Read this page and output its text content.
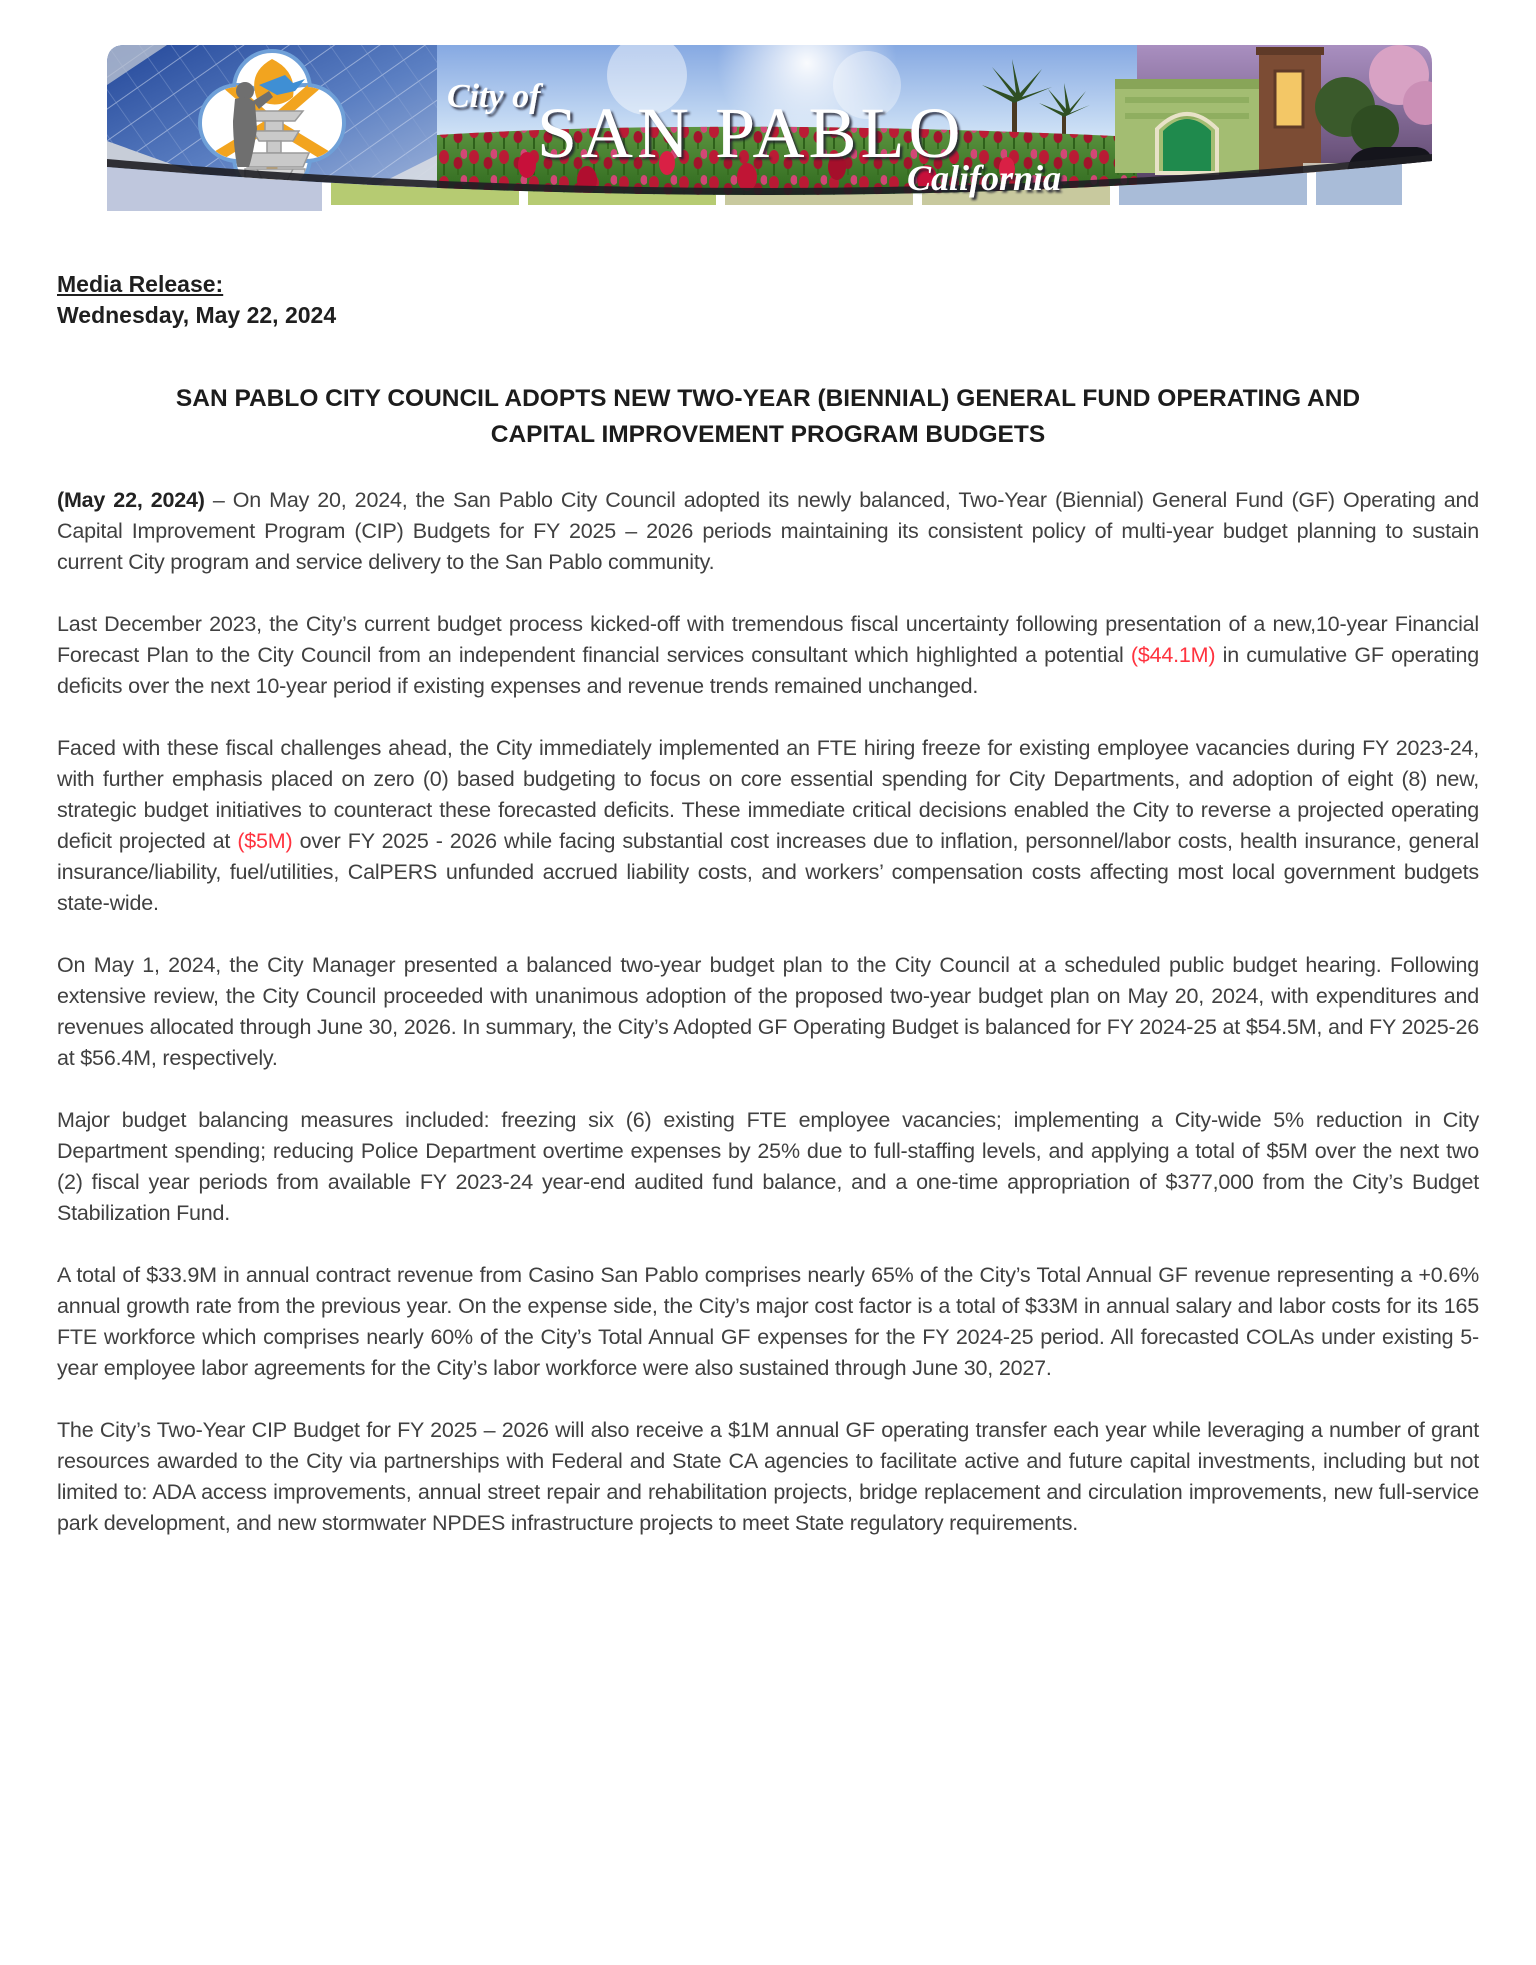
City of
SAN PABLO
California
Media Release:
Wednesday, May 22, 2024
SAN PABLO CITY COUNCIL ADOPTS NEW TWO-YEAR (BIENNIAL) GENERAL FUND OPERATING AND CAPITAL IMPROVEMENT PROGRAM BUDGETS

(May 22, 2024) – On May 20, 2024, the San Pablo City Council adopted its newly balanced, Two-Year (Biennial) General Fund (GF) Operating and Capital Improvement Program (CIP) Budgets for FY 2025 – 2026 periods maintaining its consistent policy of multi-year budget planning to sustain current City program and service delivery to the San Pablo community.

Last December 2023, the City’s current budget process kicked-off with tremendous fiscal uncertainty following presentation of a new,10-year Financial Forecast Plan to the City Council from an independent financial services consultant which highlighted a potential ($44.1M) in cumulative GF operating deficits over the next 10-year period if existing expenses and revenue trends remained unchanged.

Faced with these fiscal challenges ahead, the City immediately implemented an FTE hiring freeze for existing employee vacancies during FY 2023-24, with further emphasis placed on zero (0) based budgeting to focus on core essential spending for City Departments, and adoption of eight (8) new, strategic budget initiatives to counteract these forecasted deficits. These immediate critical decisions enabled the City to reverse a projected operating deficit projected at ($5M) over FY 2025 - 2026 while facing substantial cost increases due to inflation, personnel/labor costs, health insurance, general insurance/liability, fuel/utilities, CalPERS unfunded accrued liability costs, and workers’ compensation costs affecting most local government budgets state-wide.

On May 1, 2024, the City Manager presented a balanced two-year budget plan to the City Council at a scheduled public budget hearing. Following extensive review, the City Council proceeded with unanimous adoption of the proposed two-year budget plan on May 20, 2024, with expenditures and revenues allocated through June 30, 2026. In summary, the City’s Adopted GF Operating Budget is balanced for FY 2024-25 at $54.5M, and FY 2025-26 at $56.4M, respectively.

Major budget balancing measures included: freezing six (6) existing FTE employee vacancies; implementing a City-wide 5% reduction in City Department spending; reducing Police Department overtime expenses by 25% due to full-staffing levels, and applying a total of $5M over the next two (2) fiscal year periods from available FY 2023-24 year-end audited fund balance, and a one-time appropriation of $377,000 from the City’s Budget Stabilization Fund.

A total of $33.9M in annual contract revenue from Casino San Pablo comprises nearly 65% of the City’s Total Annual GF revenue representing a +0.6% annual growth rate from the previous year. On the expense side, the City’s major cost factor is a total of $33M in annual salary and labor costs for its 165 FTE workforce which comprises nearly 60% of the City’s Total Annual GF expenses for the FY 2024-25 period. All forecasted COLAs under existing 5-year employee labor agreements for the City’s labor workforce were also sustained through June 30, 2027.

The City’s Two-Year CIP Budget for FY 2025 – 2026 will also receive a $1M annual GF operating transfer each year while leveraging a number of grant resources awarded to the City via partnerships with Federal and State CA agencies to facilitate active and future capital investments, including but not limited to: ADA access improvements, annual street repair and rehabilitation projects, bridge replacement and circulation improvements, new full-service park development, and new stormwater NPDES infrastructure projects to meet State regulatory requirements.
